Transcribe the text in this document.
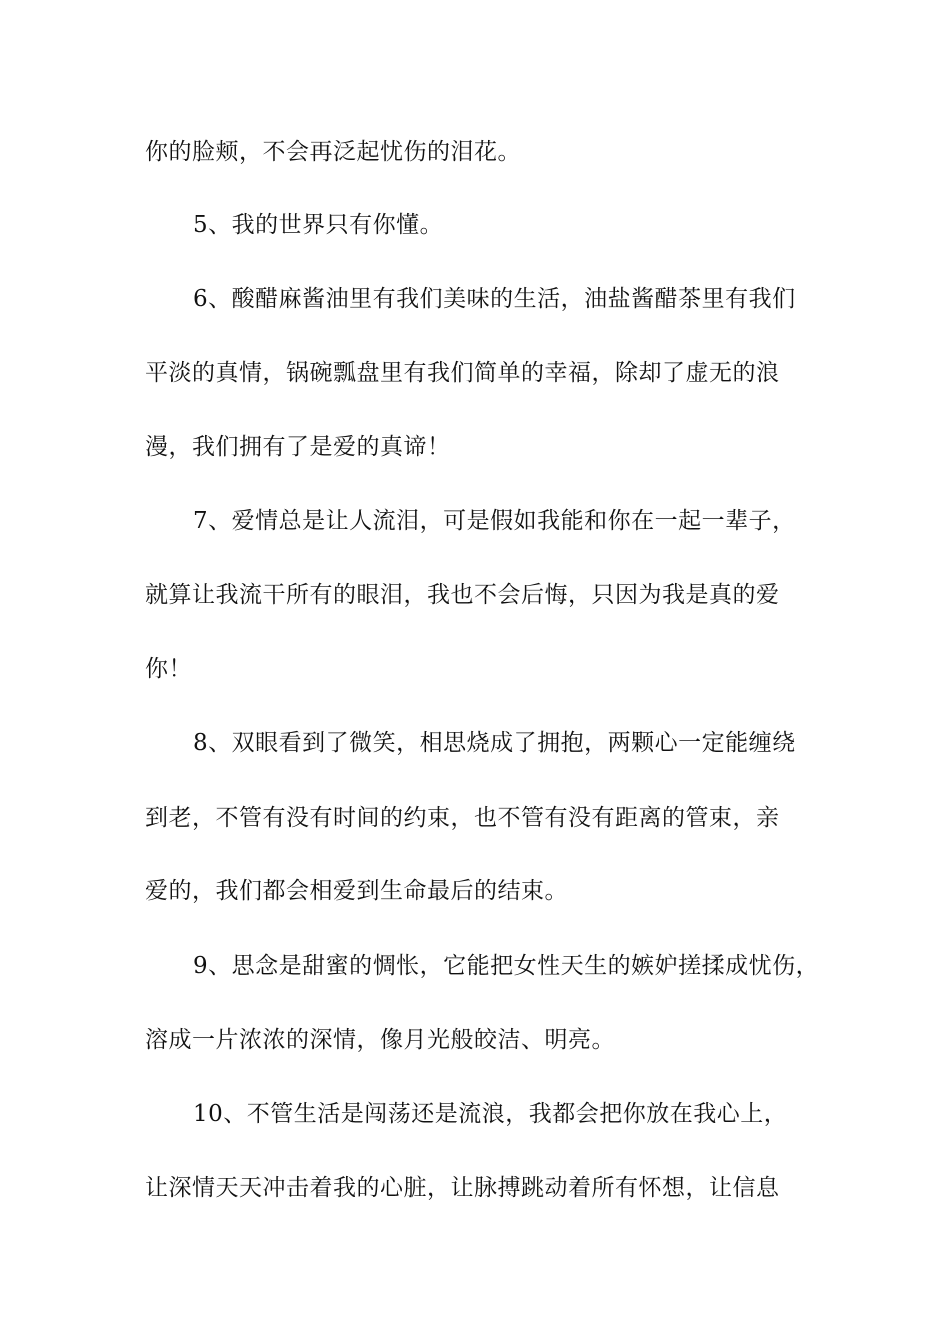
你的脸颊，不会再泛起忧伤的泪花。
5、我的世界只有你懂。
6、酸醋麻酱油里有我们美味的生活，油盐酱醋茶里有我们
平淡的真情，锅碗瓢盘里有我们简单的幸福，除却了虚无的浪
漫，我们拥有了是爱的真谛！
7、爱情总是让人流泪，可是假如我能和你在一起一辈子，
就算让我流干所有的眼泪，我也不会后悔，只因为我是真的爱
你！
8、双眼看到了微笑，相思烧成了拥抱，两颗心一定能缠绕
到老，不管有没有时间的约束，也不管有没有距离的管束，亲
爱的，我们都会相爱到生命最后的结束。
9、思念是甜蜜的惆怅，它能把女性天生的嫉妒搓揉成忧伤，
溶成一片浓浓的深情，像月光般皎洁、明亮。
10、不管生活是闯荡还是流浪，我都会把你放在我心上，
让深情天天冲击着我的心脏，让脉搏跳动着所有怀想，让信息
